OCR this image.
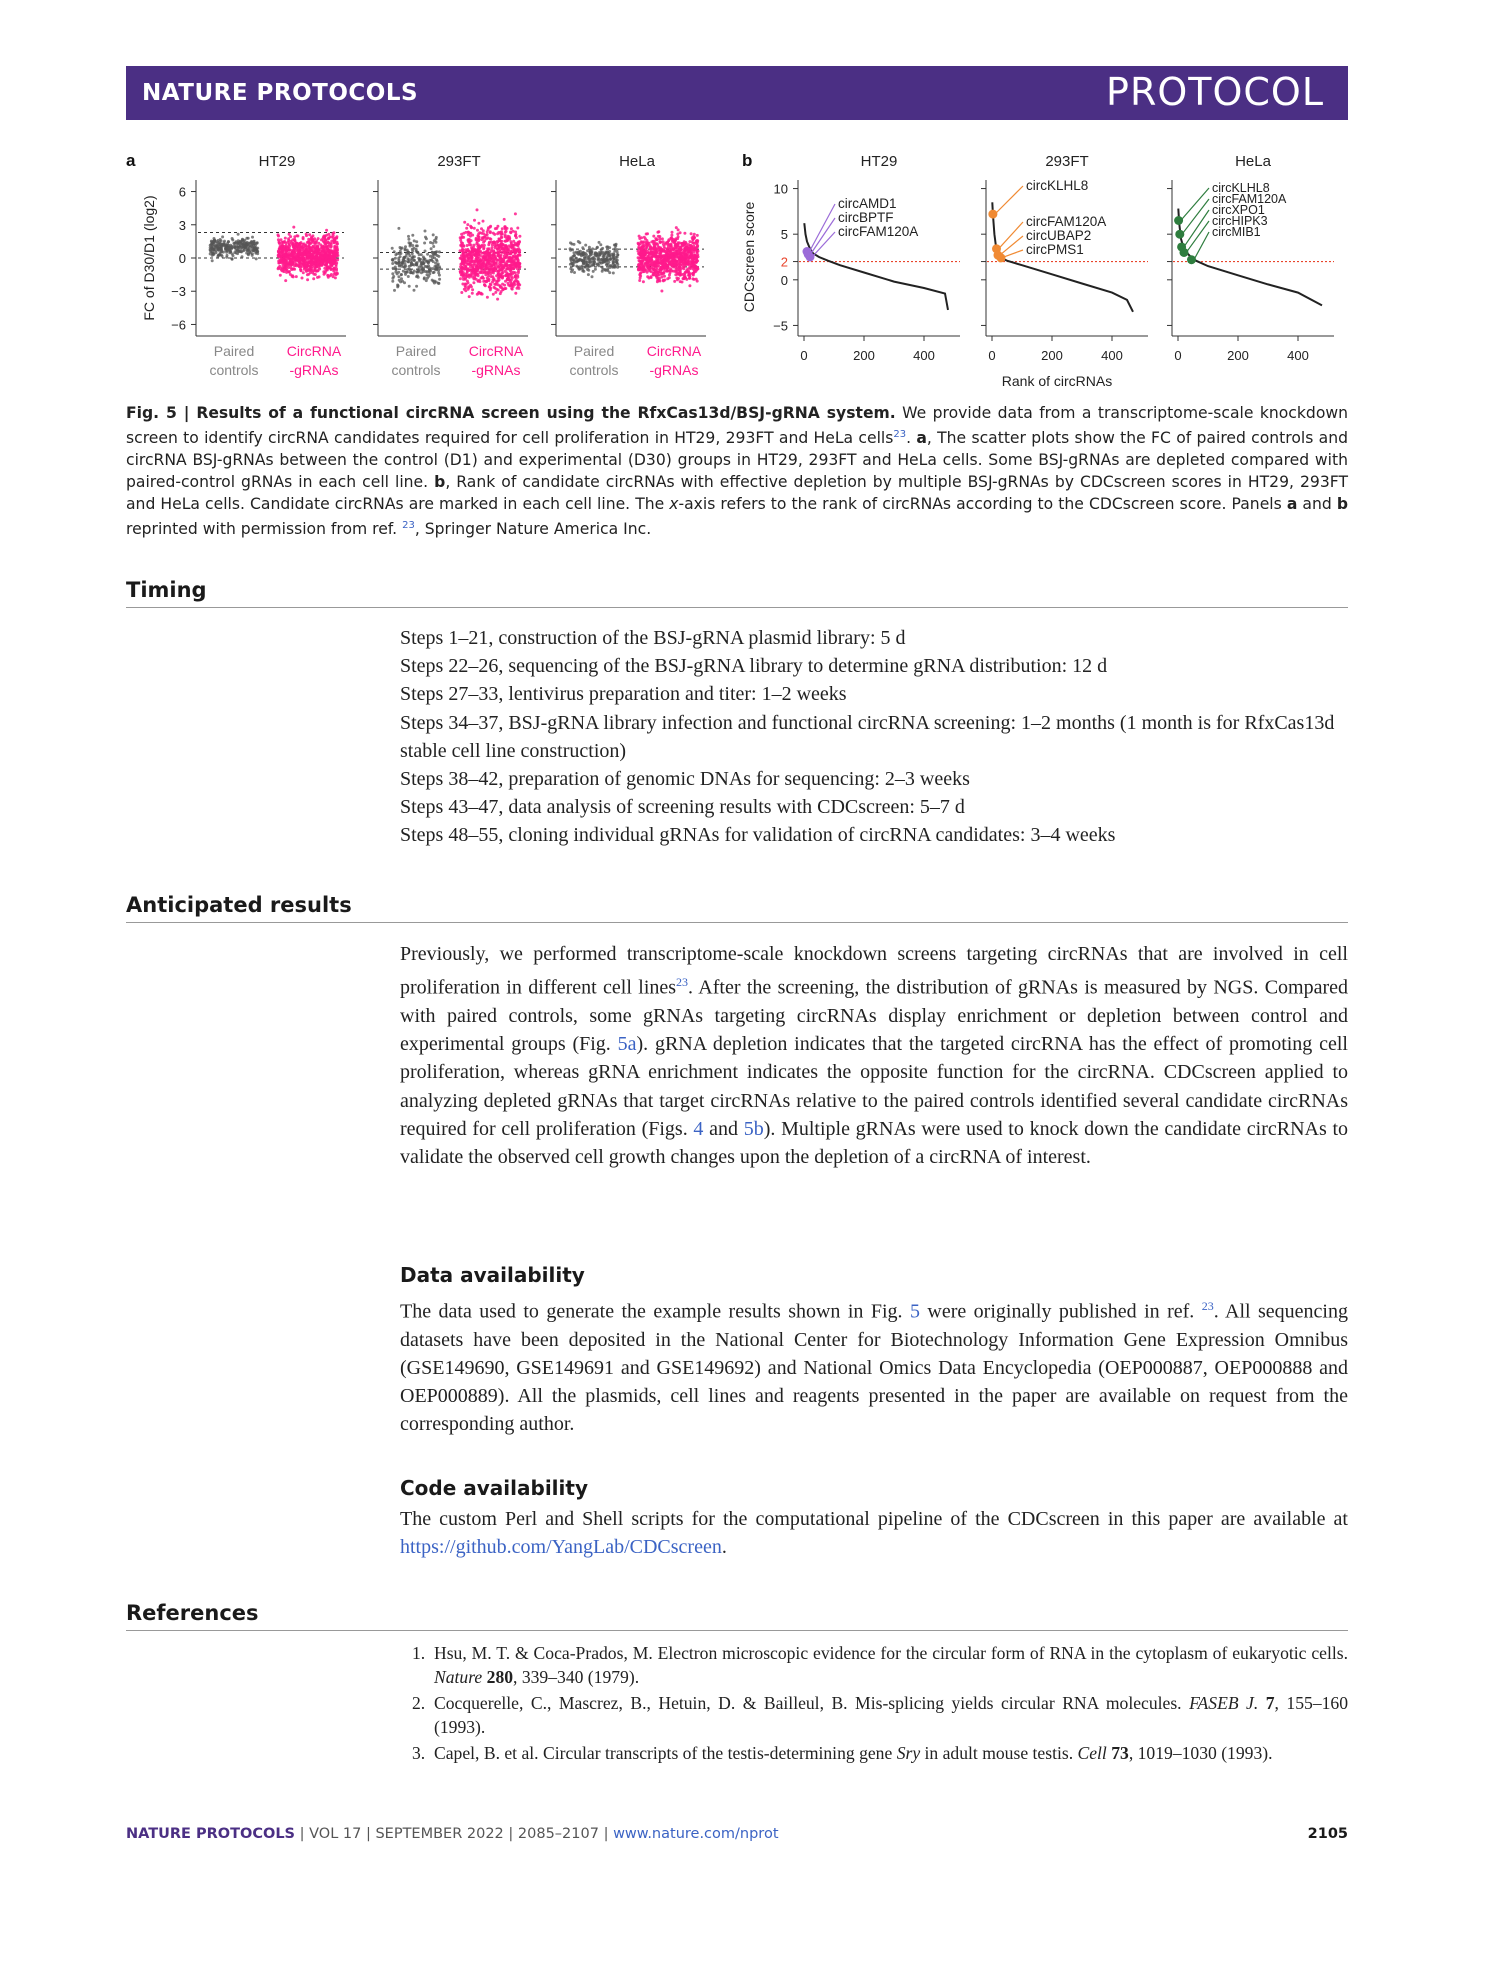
NATURE PROTOCOLS	PROTOCOL
a	b
FC of D30/D1 (log2)
HT29
6
3
0
−3
−6
Paired
controls
CircRNA
-gRNAs
293FT
Paired
controls
CircRNA
-gRNAs
HeLa
Paired
controls
CircRNA
-gRNAs
CDCscreen score
HT29
10
5
2
0
−5
0	200	400
circAMD1
circBPTF
circFAM120A
293FT
0	200	400
circKLHL8
circFAM120A
circUBAP2
circPMS1
HeLa
0	200	400
circKLHL8
circFAM120A
circXPO1
circHIPK3
circMIB1
Rank of circRNAs
Fig. 5 | Results of a functional circRNA screen using the RfxCas13d/BSJ-gRNA system. We provide data from a transcriptome-scale knockdown screen to identify circRNA candidates required for cell proliferation in HT29, 293FT and HeLa cells$^{23}$. a, The scatter plots show the FC of paired controls and circRNA BSJ-gRNAs between the control (D1) and experimental (D30) groups in HT29, 293FT and HeLa cells. Some BSJ-gRNAs are depleted compared with paired-control gRNAs in each cell line. b, Rank of candidate circRNAs with effective depletion by multiple BSJ-gRNAs by CDCscreen scores in HT29, 293FT and HeLa cells. Candidate circRNAs are marked in each cell line. The x-axis refers to the rank of circRNAs according to the CDCscreen score. Panels a and b reprinted with permission from ref. $^{23}$, Springer Nature America Inc.
Timing
Steps 1–21, construction of the BSJ-gRNA plasmid library: 5 d
Steps 22–26, sequencing of the BSJ-gRNA library to determine gRNA distribution: 12 d
Steps 27–33, lentivirus preparation and titer: 1–2 weeks
Steps 34–37, BSJ-gRNA library infection and functional circRNA screening: 1–2 months (1 month is for RfxCas13d stable cell line construction)
Steps 38–42, preparation of genomic DNAs for sequencing: 2–3 weeks
Steps 43–47, data analysis of screening results with CDCscreen: 5–7 d
Steps 48–55, cloning individual gRNAs for validation of circRNA candidates: 3–4 weeks
Anticipated results
Previously, we performed transcriptome-scale knockdown screens targeting circRNAs that are involved in cell proliferation in different cell lines$^{23}$. After the screening, the distribution of gRNAs is measured by NGS. Compared with paired controls, some gRNAs targeting circRNAs display enrichment or depletion between control and experimental groups (Fig. 5a). gRNA depletion indicates that the targeted circRNA has the effect of promoting cell proliferation, whereas gRNA enrichment indicates the opposite function for the circRNA. CDCscreen applied to analyzing depleted gRNAs that target circRNAs relative to the paired controls identified several candidate circRNAs required for cell proliferation (Figs. 4 and 5b). Multiple gRNAs were used to knock down the candidate circRNAs to validate the observed cell growth changes upon the depletion of a circRNA of interest.
Data availability
The data used to generate the example results shown in Fig. 5 were originally published in ref. $^{23}$. All sequencing datasets have been deposited in the National Center for Biotechnology Information Gene Expression Omnibus (GSE149690, GSE149691 and GSE149692) and National Omics Data Encyclopedia (OEP000887, OEP000888 and OEP000889). All the plasmids, cell lines and reagents presented in the paper are available on request from the corresponding author.
Code availability
The custom Perl and Shell scripts for the computational pipeline of the CDCscreen in this paper are available at https://github.com/YangLab/CDCscreen.
References
1. Hsu, M. T. & Coca-Prados, M. Electron microscopic evidence for the circular form of RNA in the cytoplasm of eukaryotic cells. Nature 280, 339–340 (1979).
2. Cocquerelle, C., Mascrez, B., Hetuin, D. & Bailleul, B. Mis-splicing yields circular RNA molecules. FASEB J. 7, 155–160 (1993).
3. Capel, B. et al. Circular transcripts of the testis-determining gene Sry in adult mouse testis. Cell 73, 1019–1030 (1993).
NATURE PROTOCOLS | VOL 17 | SEPTEMBER 2022 | 2085–2107 | www.nature.com/nprot	2105
